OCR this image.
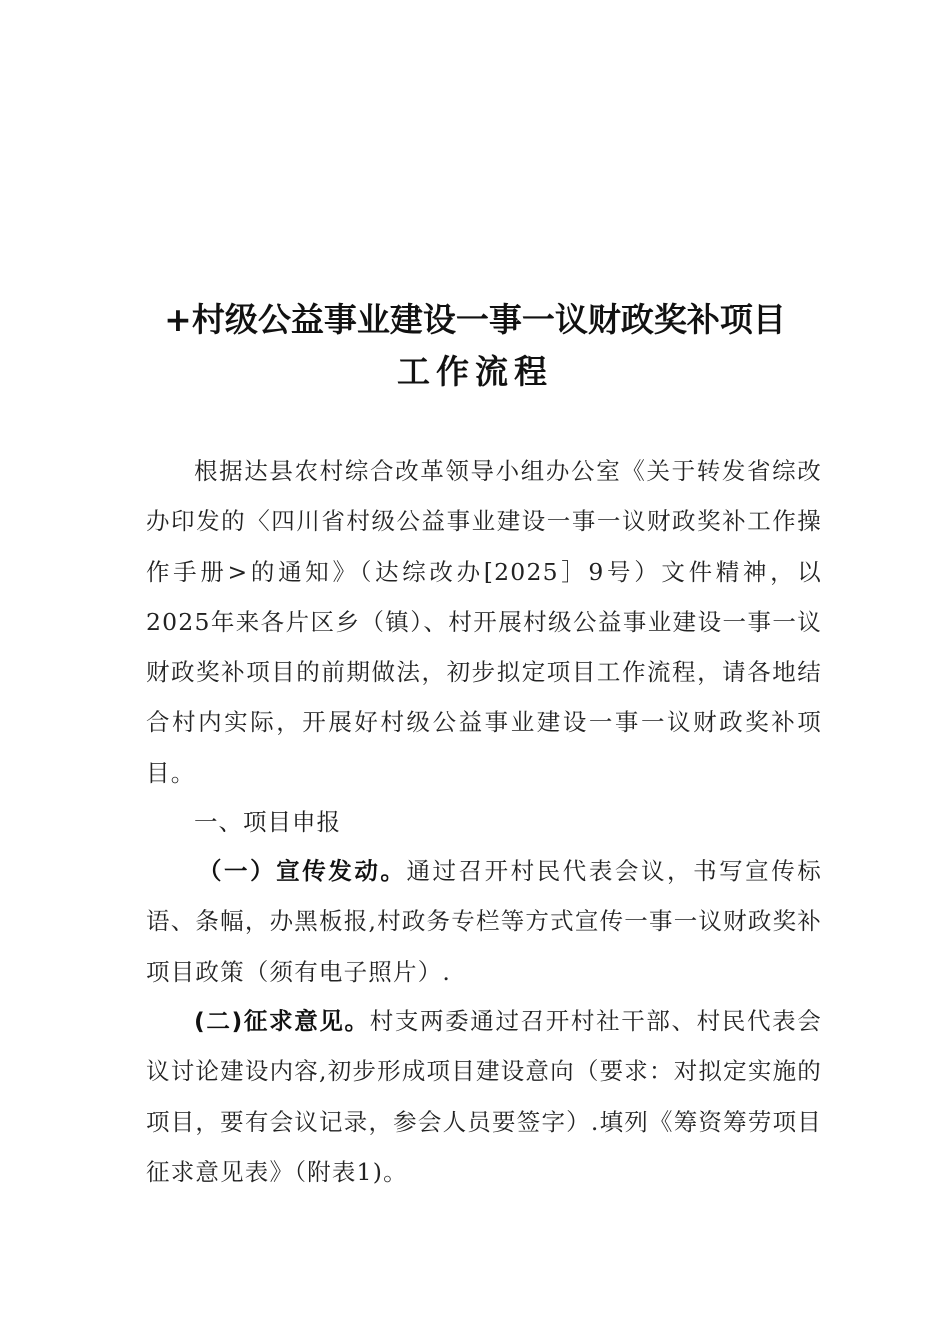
+村级公益事业建设一事一议财政奖补项目
工作流程
根据达县农村综合改革领导小组办公室《关于转发省综改办印发的〈四川省村级公益事业建设一事一议财政奖补工作操作手册>的通知》（达综改办[2025］9号）文件精神，以2025年来各片区乡（镇）、村开展村级公益事业建设一事一议财政奖补项目的前期做法，初步拟定项目工作流程，请各地结合村内实际，开展好村级公益事业建设一事一议财政奖补项目。
一、项目申报
（一）宣传发动。通过召开村民代表会议，书写宣传标语、条幅，办黑板报,村政务专栏等方式宣传一事一议财政奖补项目政策（须有电子照片）.
(二)征求意见。村支两委通过召开村社干部、村民代表会议讨论建设内容,初步形成项目建设意向（要求：对拟定实施的项目，要有会议记录，参会人员要签字）.填列《筹资筹劳项目征求意见表》（附表1)。
